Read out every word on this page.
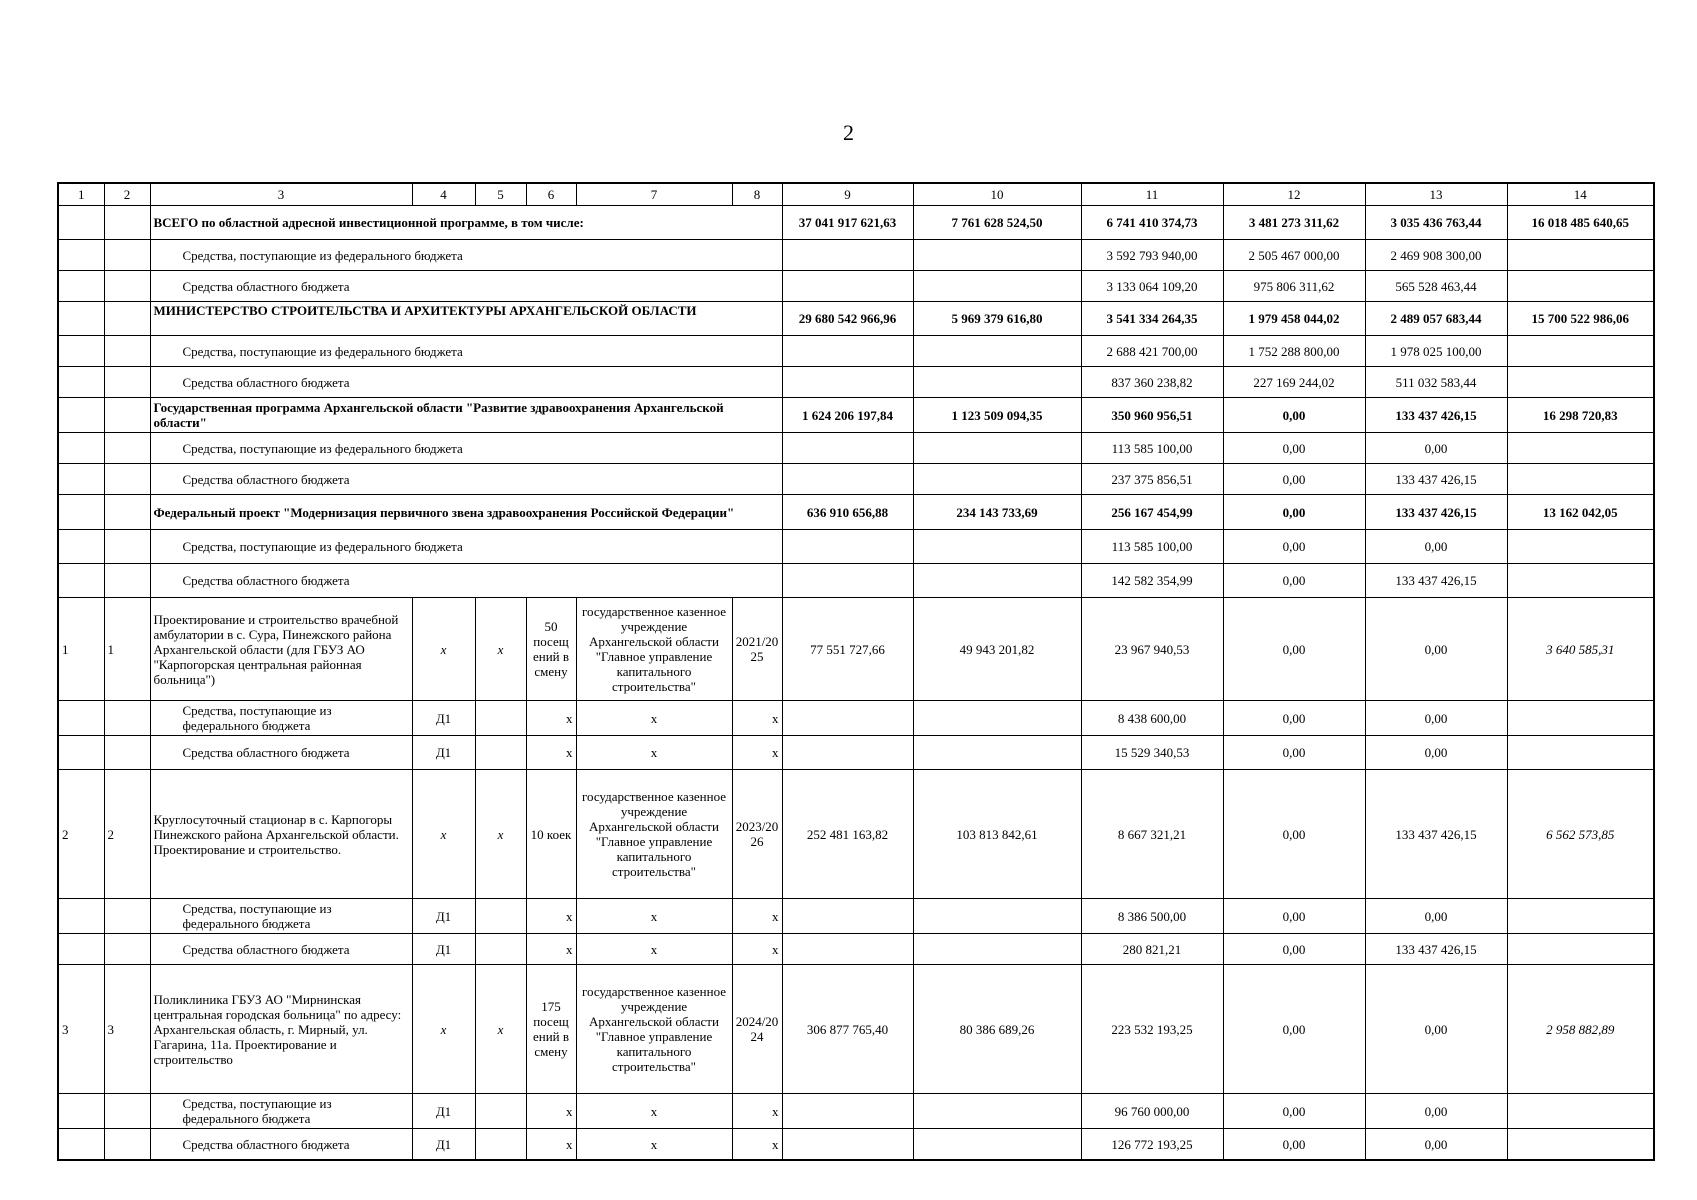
2
1	2	3	4	5	6	7	8	9	10	11	12	13	14
		ВСЕГО по областной адресной инвестиционной программе, в том числе:						37 041 917 621,63	7 761 628 524,50	6 741 410 374,73	3 481 273 311,62	3 035 436 763,44	16 018 485 640,65
		Средства, поступающие из федерального бюджета								3 592 793 940,00	2 505 467 000,00	2 469 908 300,00	
		Средства областного бюджета								3 133 064 109,20	975 806 311,62	565 528 463,44	
		МИНИСТЕРСТВО СТРОИТЕЛЬСТВА И АРХИТЕКТУРЫ АРХАНГЕЛЬСКОЙ ОБЛАСТИ						29 680 542 966,96	5 969 379 616,80	3 541 334 264,35	1 979 458 044,02	2 489 057 683,44	15 700 522 986,06
		Средства, поступающие из федерального бюджета								2 688 421 700,00	1 752 288 800,00	1 978 025 100,00	
		Средства областного бюджета								837 360 238,82	227 169 244,02	511 032 583,44	
		Государственная программа Архангельской области "Развитие здравоохранения Архангельской области"						1 624 206 197,84	1 123 509 094,35	350 960 956,51	0,00	133 437 426,15	16 298 720,83
		Средства, поступающие из федерального бюджета								113 585 100,00	0,00	0,00	
		Средства областного бюджета								237 375 856,51	0,00	133 437 426,15	
		Федеральный проект "Модернизация первичного звена здравоохранения Российской Федерации"						636 910 656,88	234 143 733,69	256 167 454,99	0,00	133 437 426,15	13 162 042,05
		Средства, поступающие из федерального бюджета								113 585 100,00	0,00	0,00	
		Средства областного бюджета								142 582 354,99	0,00	133 437 426,15	
1	1	Проектирование и строительство врачебной амбулатории в с. Сура, Пинежского района Архангельской области (для ГБУЗ АО "Карпогорская центральная районная больница")	x	x	50 посещ ений в смену	государственное казенное учреждение Архангельской области "Главное управление капитального строительства"	2021/20 25	77 551 727,66	49 943 201,82	23 967 940,53	0,00	0,00	3 640 585,31
		Средства, поступающие из федерального бюджета	Д1		x	x	x			8 438 600,00	0,00	0,00	
		Средства областного бюджета	Д1		x	x	x			15 529 340,53	0,00	0,00	
2	2	Круглосуточный стационар в с. Карпогоры Пинежского района Архангельской области. Проектирование и строительство.	x	x	10 коек	государственное казенное учреждение Архангельской области "Главное управление капитального строительства"	2023/20 26	252 481 163,82	103 813 842,61	8 667 321,21	0,00	133 437 426,15	6 562 573,85
		Средства, поступающие из федерального бюджета	Д1		x	x	x			8 386 500,00	0,00	0,00	
		Средства областного бюджета	Д1		x	x	x			280 821,21	0,00	133 437 426,15	
3	3	Поликлиника ГБУЗ АО "Мирнинская центральная городская больница" по адресу: Архангельская область, г. Мирный, ул. Гагарина, 11а. Проектирование и строительство	x	x	175 посещ ений в смену	государственное казенное учреждение Архангельской области "Главное управление капитального строительства"	2024/20 24	306 877 765,40	80 386 689,26	223 532 193,25	0,00	0,00	2 958 882,89
		Средства, поступающие из федерального бюджета	Д1		x	x	x			96 760 000,00	0,00	0,00	
		Средства областного бюджета	Д1		x	x	x			126 772 193,25	0,00	0,00	
